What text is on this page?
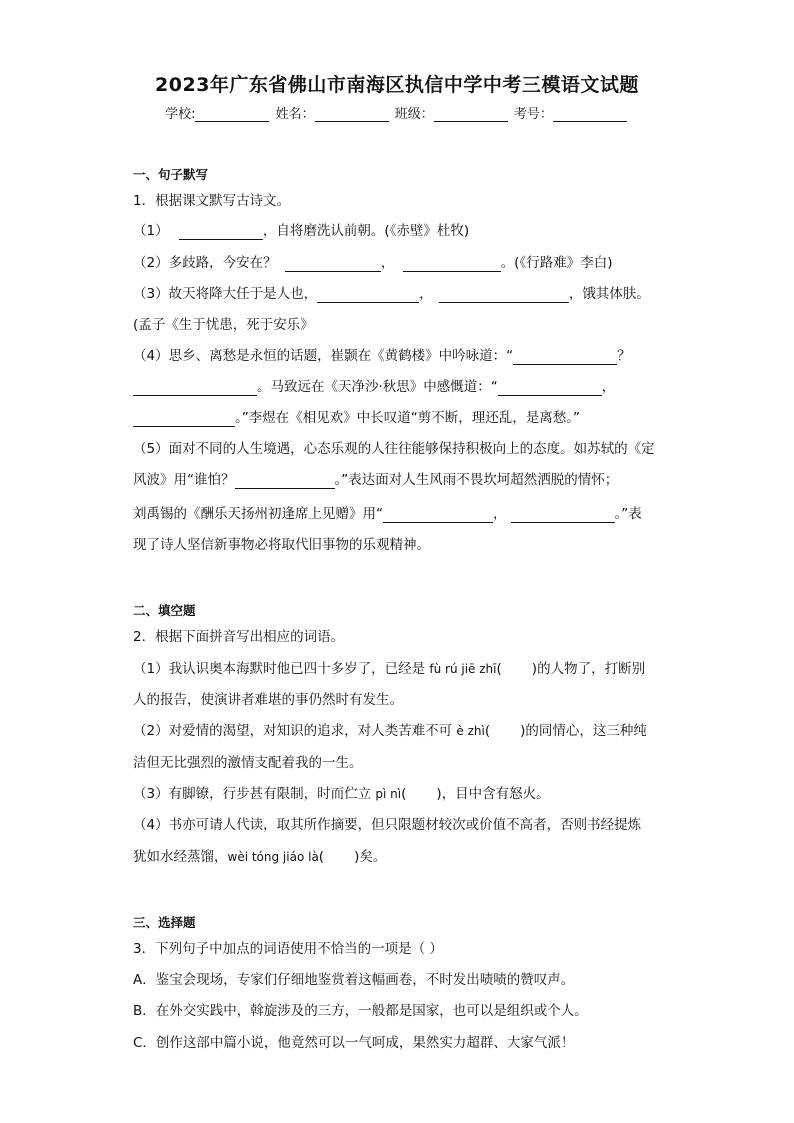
2023年广东省佛山市南海区执信中学中考三模语文试题
学校:	姓名：	班级：	考号：
一、句子默写
1．根据课文默写古诗文。
（1）	，自将磨洗认前朝。(《赤壁》杜牧)
（2）多歧路，今安在？	，	。(《行路难》李白)
（3）故天将降大任于是人也，	，	，饿其体肤。
(孟子《生于忧患，死于安乐》
（4）思乡、离愁是永恒的话题，崔颢在《黄鹤楼》中吟咏道：“	？
。马致远在《天净沙·秋思》中感慨道：“	，
。”李煜在《相见欢》中长叹道“剪不断，理还乱，是离愁。”
（5）面对不同的人生境遇，心态乐观的人往往能够保持积极向上的态度。如苏轼的《定
风波》用“谁怕？	。”表达面对人生风雨不畏坎坷超然洒脱的情怀；
刘禹锡的《酬乐天扬州初逢席上见赠》用“	，	。”表
现了诗人坚信新事物必将取代旧事物的乐观精神。
二、填空题
2．根据下面拼音写出相应的词语。
（1）我认识奥本海默时他已四十多岁了，已经是 fù rú jiē zhī(       )的人物了，打断别
人的报告，使演讲者难堪的事仍然时有发生。
（2）对爱情的渴望，对知识的追求，对人类苦难不可 è zhì(       )的同情心，这三种纯
洁但无比强烈的激情支配着我的一生。
（3）有脚镣，行步甚有限制，时而伫立 pì nì(       )，目中含有怒火。
（4）书亦可请人代读，取其所作摘要，但只限题材较次或价值不高者，否则书经提炼
犹如水经蒸馏，wèi tóng jiáo là(       )矣。
三、选择题
3．下列句子中加点的词语使用不恰当的一项是（ ）
A．鉴宝会现场，专家们仔细地鉴赏着这幅画卷，不时发出啧啧的赞叹声。
B．在外交实践中，斡旋涉及的三方，一般都是国家，也可以是组织或个人。
C．创作这部中篇小说，他竟然可以一气呵成，果然实力超群、大家气派！
